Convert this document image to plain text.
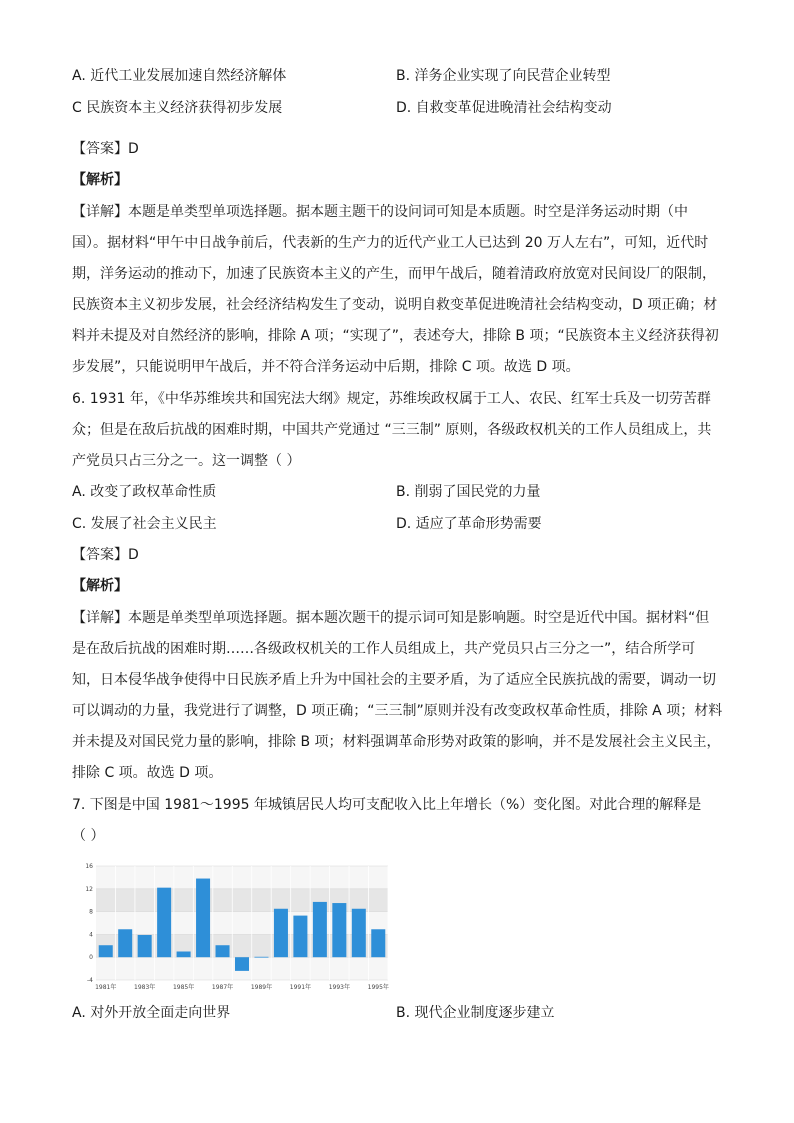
A. 近代工业发展加速自然经济解体	B. 洋务企业实现了向民营企业转型
C 民族资本主义经济获得初步发展	D. 自救变革促进晚清社会结构变动
【答案】D
【解析】
【详解】本题是单类型单项选择题。据本题主题干的设问词可知是本质题。时空是洋务运动时期（中
国）。据材料“甲午中日战争前后，代表新的生产力的近代产业工人已达到 20 万人左右”，可知，近代时
期，洋务运动的推动下，加速了民族资本主义的产生，而甲午战后，随着清政府放宽对民间设厂的限制，
民族资本主义初步发展，社会经济结构发生了变动，说明自救变革促进晚清社会结构变动，D 项正确；材
料并未提及对自然经济的影响，排除 A 项；“实现了”，表述夸大，排除 B 项；“民族资本主义经济获得初
步发展”，只能说明甲午战后，并不符合洋务运动中后期，排除 C 项。故选 D 项。
6. 1931 年，《中华苏维埃共和国宪法大纲》规定，苏维埃政权属于工人、农民、红军士兵及一切劳苦群
众；但是在敌后抗战的困难时期，中国共产党通过 “三三制” 原则，各级政权机关的工作人员组成上，共
产党员只占三分之一。这一调整（ ）
A. 改变了政权革命性质	B. 削弱了国民党的力量
C. 发展了社会主义民主	D. 适应了革命形势需要
【答案】D
【解析】
【详解】本题是单类型单项选择题。据本题次题干的提示词可知是影响题。时空是近代中国。据材料“但
是在敌后抗战的困难时期……各级政权机关的工作人员组成上，共产党员只占三分之一”，结合所学可
知，日本侵华战争使得中日民族矛盾上升为中国社会的主要矛盾，为了适应全民族抗战的需要，调动一切
可以调动的力量，我党进行了调整，D 项正确；“三三制”原则并没有改变政权革命性质，排除 A 项；材料
并未提及对国民党力量的影响，排除 B 项；材料强调革命形势对政策的影响，并不是发展社会主义民主，
排除 C 项。故选 D 项。
7. 下图是中国 1981～1995 年城镇居民人均可支配收入比上年增长（%）变化图。对此合理的解释是
（ ）
-4
0
4
8
12
16
1981年	1983年	1985年	1987年	1989年	1991年	1993年	1995年
A. 对外开放全面走向世界	B. 现代企业制度逐步建立
